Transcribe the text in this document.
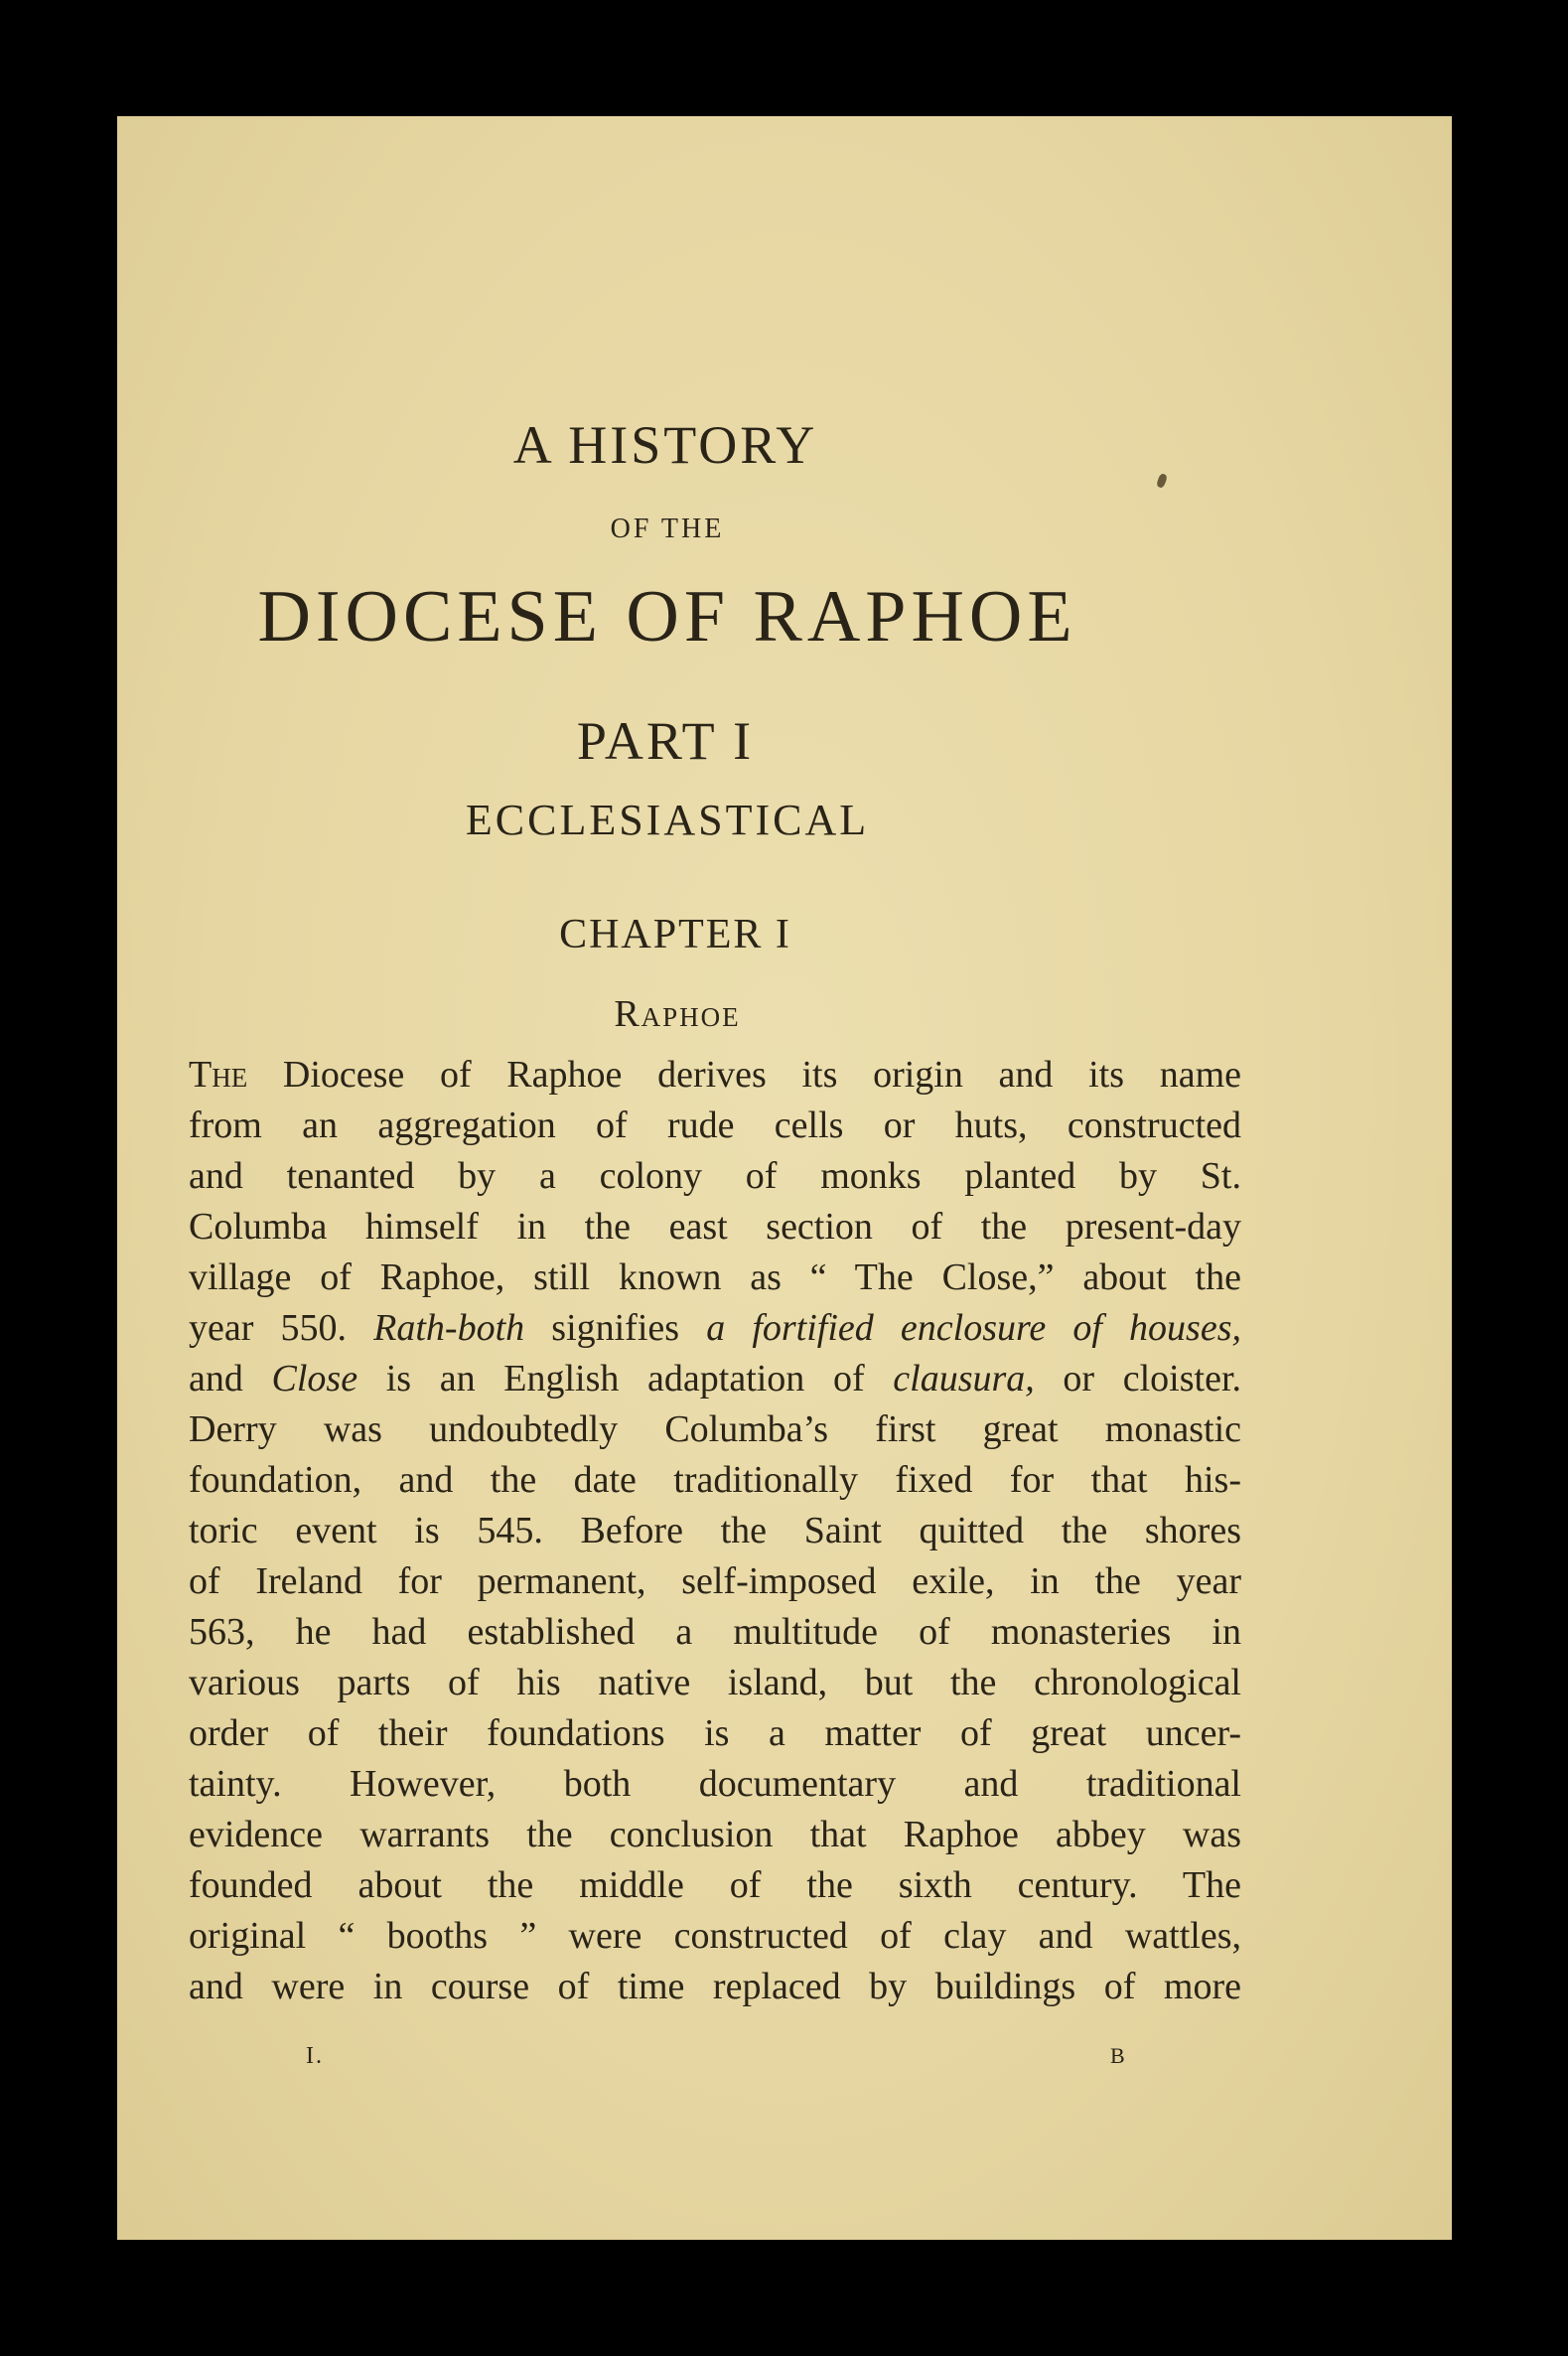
A HISTORY
OF THE
DIOCESE OF RAPHOE
PART I
ECCLESIASTICAL
CHAPTER I
Raphoe
The Diocese of Raphoe derives its origin and its name
from an aggregation of rude cells or huts, constructed
and tenanted by a colony of monks planted by St.
Columba himself in the east section of the present-day
village of Raphoe, still known as “ The Close,” about the
year 550. Rath-both signifies a fortified enclosure of houses,
and Close is an English adaptation of clausura, or cloister.
Derry was undoubtedly Columba’s first great monastic
foundation, and the date traditionally fixed for that his-
toric event is 545. Before the Saint quitted the shores
of Ireland for permanent, self-imposed exile, in the year
563, he had established a multitude of monasteries in
various parts of his native island, but the chronological
order of their foundations is a matter of great uncer-
tainty. However, both documentary and traditional
evidence warrants the conclusion that Raphoe abbey was
founded about the middle of the sixth century. The
original “ booths ” were constructed of clay and wattles,
and were in course of time replaced by buildings of more
I.	B
